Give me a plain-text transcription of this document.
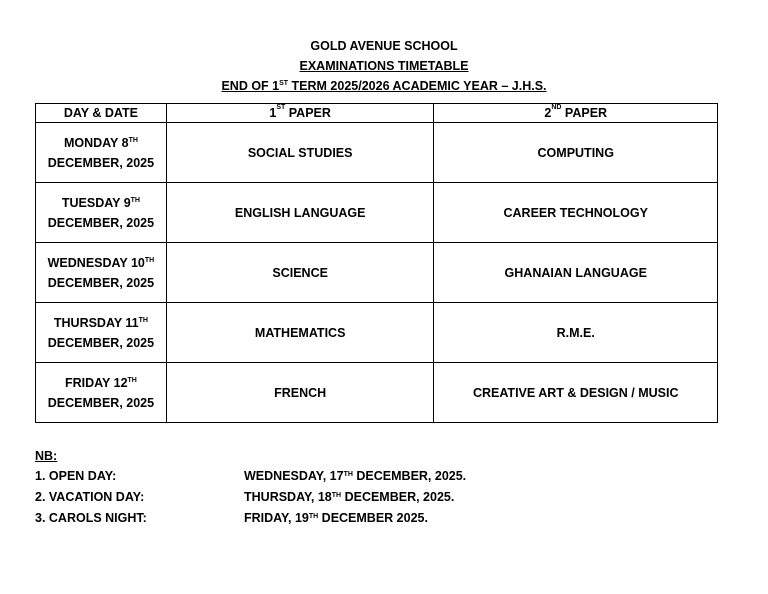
GOLD AVENUE SCHOOL
EXAMINATIONS TIMETABLE
END OF 1ST TERM 2025/2026 ACADEMIC YEAR – J.H.S.
DAY & DATE	1ST PAPER	2ND PAPER
MONDAY 8TH
DECEMBER, 2025	SOCIAL STUDIES	COMPUTING
TUESDAY 9TH
DECEMBER, 2025	ENGLISH LANGUAGE	CAREER TECHNOLOGY
WEDNESDAY 10TH
DECEMBER, 2025	SCIENCE	GHANAIAN LANGUAGE
THURSDAY 11TH
DECEMBER, 2025	MATHEMATICS	R.M.E.
FRIDAY 12TH
DECEMBER, 2025	FRENCH	CREATIVE ART & DESIGN / MUSIC
NB:
1. OPEN DAY:	WEDNESDAY, 17TH DECEMBER, 2025.
2. VACATION DAY:	THURSDAY, 18TH DECEMBER, 2025.
3. CAROLS NIGHT:	FRIDAY, 19TH DECEMBER 2025.
